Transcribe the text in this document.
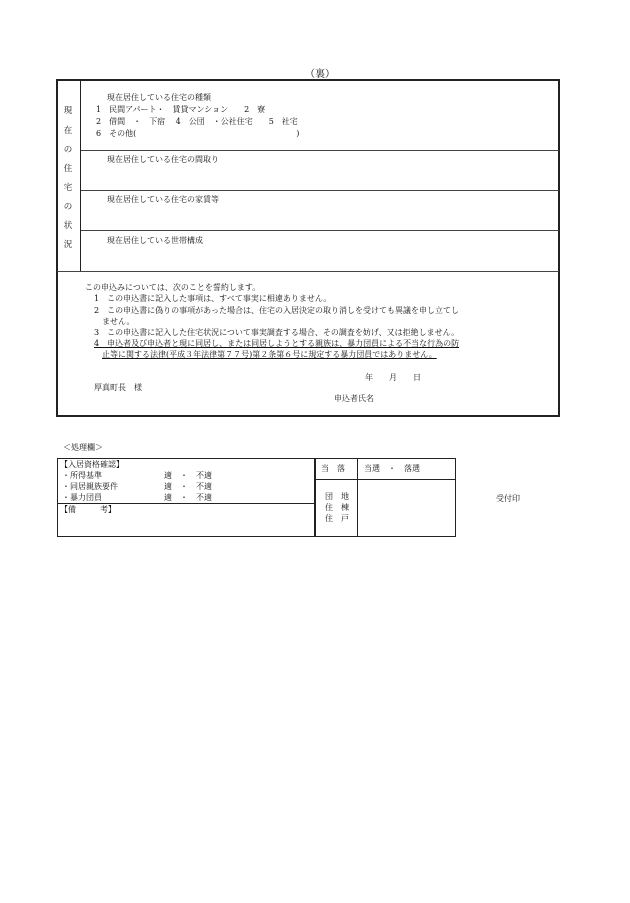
（裏）
現
在
の
住
宅
の
状
況
現在居住している住宅の種類
1　民間アパート・　賃貸マンション　　2　寮
2　借間　・　下宿　 4　公団　・公社住宅　　5　社宅
6　その他(　　　　　　　　　　　　　　　　　　　　)
現在居住している住宅の間取り
現在居住している住宅の家賃等
現在居住している世帯構成
この申込みについては、次のことを誓約します。
1　この申込書に記入した事項は、すべて事実に相違ありません。
2　この申込書に偽りの事項があった場合は、住宅の入居決定の取り消しを受けても異議を申し立てし
ません。
3　この申込書に記入した住宅状況について事実調査する場合、その調査を妨げ、又は拒絶しません。
4　申込者及び申込者と現に同居し、または同居しようとする親族は、暴力団員による不当な行為の防
止等に関する法律(平成３年法律第７７号)第２条第６号に規定する暴力団員ではありません。
年　　月　　日
厚真町長　様
申込者氏名
＜処理欄＞
【入居資格確認】
・所得基準	適　・　不適
・同居親族要件	適　・　不適
・暴力団員	適　・　不適
【備　　　考】
当　落 当選　・　落選
団　地
住　棟
住　戸
受付印
